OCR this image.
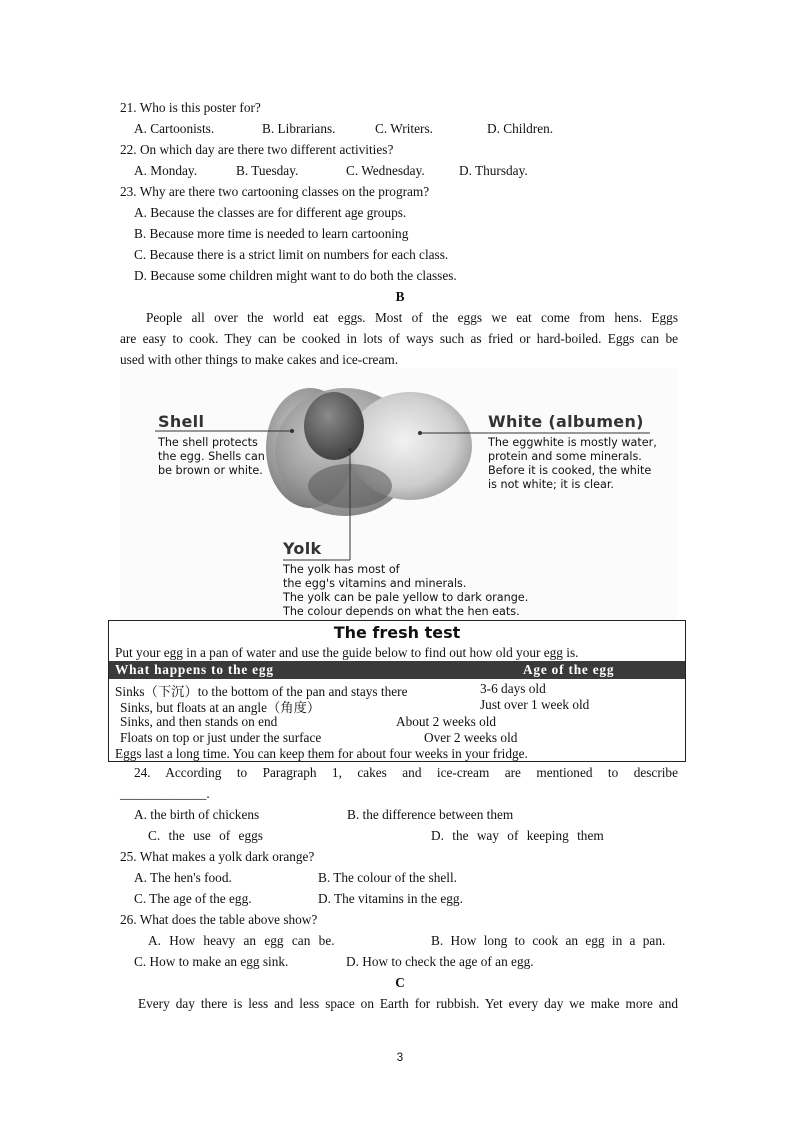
21. Who is this poster for?
A. Cartoonists.	B. Librarians.	C. Writers.	D. Children.
22. On which day are there two different activities?
A. Monday.	B. Tuesday.	C. Wednesday.	D. Thursday.
23. Why are there two cartooning classes on the program?
A. Because the classes are for different age groups.
B. Because more time is needed to learn cartooning
C. Because there is a strict limit on numbers for each class.
D. Because some children might want to do both the classes.
B
People all over the world eat eggs. Most of the eggs we eat come from hens. Eggs
are easy to cook. They can be cooked in lots of ways such as fried or hard-boiled. Eggs can be
used with other things to make cakes and ice-cream.
Shell
The shell protects
the egg. Shells can
be brown or white.
White (albumen)
The eggwhite is mostly water,
protein and some minerals.
Before it is cooked, the white
is not white; it is clear.
Yolk
The yolk has most of
the egg's vitamins and minerals.
The yolk can be pale yellow to dark orange.
The colour depends on what the hen eats.
The fresh test
Put your egg in a pan of water and use the guide below to find out how old your egg is.
What happens to the egg	Age of the egg
Sinks（下沉）to the bottom of the pan and stays there	3-6 days old
Sinks, but floats at an angle（角度）	Just over 1 week old
Sinks, and then stands on end	About 2 weeks old
Floats on top or just under the surface	Over 2 weeks old
Eggs last a long time. You can keep them for about four weeks in your fridge.
24. According to Paragraph 1, cakes and ice-cream are mentioned to describe
_____________.
A. the birth of chickens	B. the difference between them
C. the use of eggs	D. the way of keeping them
25. What makes a yolk dark orange?
A. The hen's food.	B. The colour of the shell.
C. The age of the egg.	D. The vitamins in the egg.
26. What does the table above show?
A. How heavy an egg can be.	B. How long to cook an egg in a pan.
C. How to make an egg sink.	D. How to check the age of an egg.
C
Every day there is less and less space on Earth for rubbish. Yet every day we make more and
3
